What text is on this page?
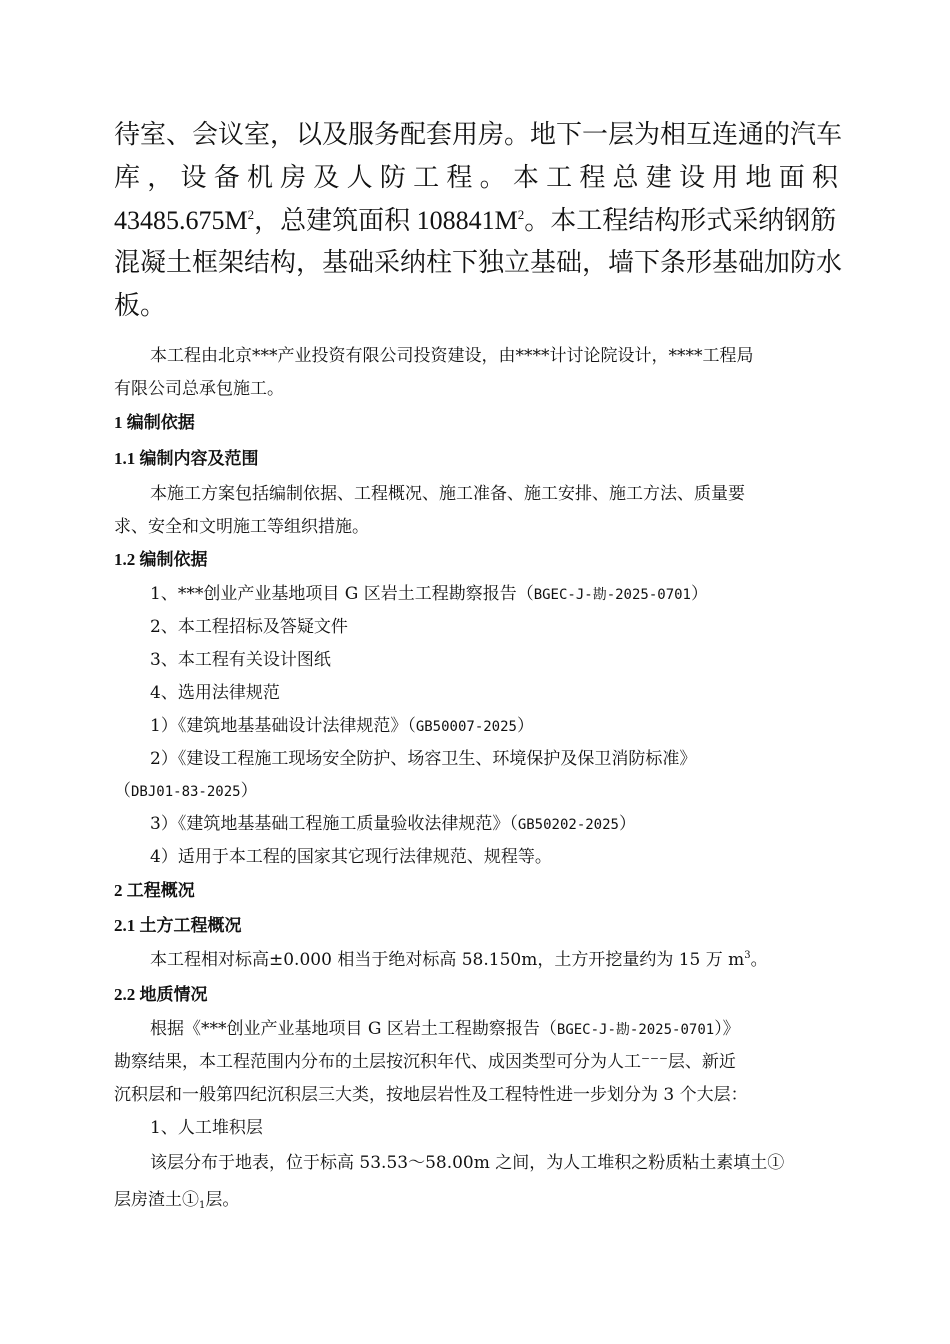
待室、会议室，以及服务配套用房。地下一层为相互连通的汽车
库，设备机房及人防工程。本工程总建设用地面积
$43485.675M^2$，总建筑面积 $108841M^2$。本工程结构形式采纳钢筋
混凝土框架结构，基础采纳柱下独立基础，墙下条形基础加防水
板。
本工程由北京***产业投资有限公司投资建设，由****计讨论院设计，****工程局
有限公司总承包施工。
1 编制依据
1.1 编制内容及范围
本施工方案包括编制依据、工程概况、施工准备、施工安排、施工方法、质量要
求、安全和文明施工等组织措施。
1.2 编制依据
1、***创业产业基地项目 G 区岩土工程勘察报告（BGEC-J-勘-2025-0701）
2、本工程招标及答疑文件
3、本工程有关设计图纸
4、选用法律规范
1）《建筑地基基础设计法律规范》（GB50007-2025）
2）《建设工程施工现场安全防护、场容卫生、环境保护及保卫消防标准》
（DBJ01-83-2025）
3）《建筑地基基础工程施工质量验收法律规范》（GB50202-2025）
4）适用于本工程的国家其它现行法律规范、规程等。
2 工程概况
2.1 土方工程概况
本工程相对标高±0.000 相当于绝对标高 58.150m，土方开挖量约为 15 万 $m^3$。
2.2 地质情况
根据《***创业产业基地项目 G 区岩土工程勘察报告（BGEC-J-勘-2025-0701）》
勘察结果，本工程范围内分布的土层按沉积年代、成因类型可分为人工⁻⁻⁻层、新近
沉积层和一般第四纪沉积层三大类，按地层岩性及工程特性进一步划分为 3 个大层：
1、人工堆积层
该层分布于地表，位于标高 53.53～58.00m 之间，为人工堆积之粉质粘土素填土①
层房渣土$①_1$层。
